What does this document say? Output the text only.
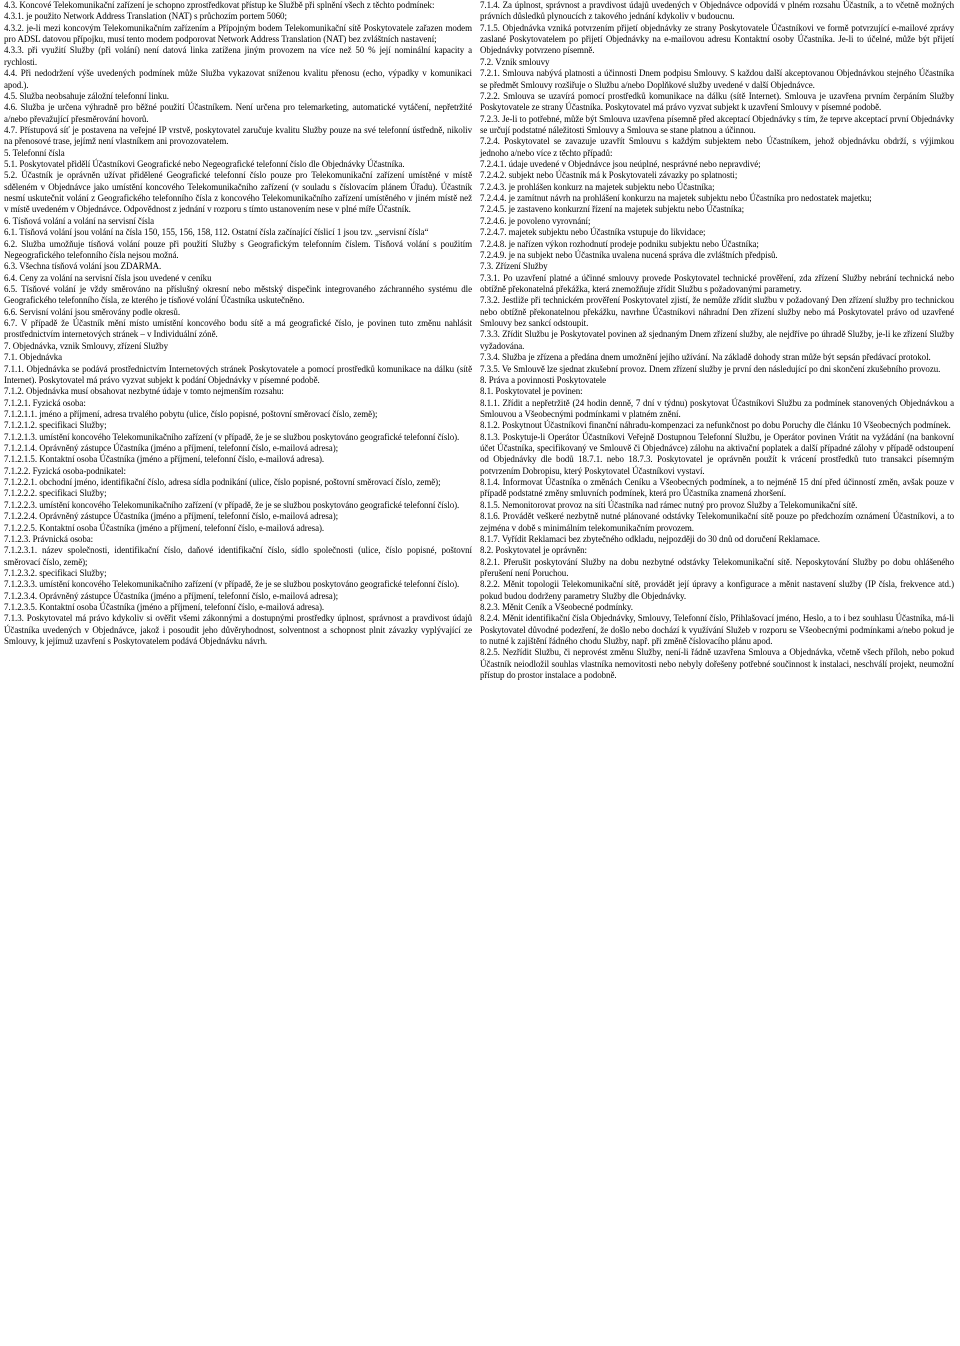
4.3. Koncové Telekomunikační zařízení je schopno zprostředkovat přístup ke Službě při splnění všech z těchto podmínek:

4.3.1. je použito Network Address Translation (NAT) s průchozím portem 5060;

4.3.2. je-li mezi koncovým Telekomunikačním zařízením a Přípojným bodem Telekomunikační sítě Poskytovatele zařazen modem pro ADSL datovou přípojku, musí tento modem podporovat Network Address Translation (NAT) bez zvláštních nastavení;

4.3.3. při využití Služby (při volání) není datová linka zatížena jiným provozem na více než 50 % její nominální kapacity a rychlosti.

4.4. Při nedodržení výše uvedených podmínek může Služba vykazovat sníženou kvalitu přenosu (echo, výpadky v komunikaci apod.).

4.5. Služba neobsahuje záložní telefonní linku.

4.6. Služba je určena výhradně pro běžné použití Účastníkem. Není určena pro telemarketing, automatické vytáčení, nepřetržité a/nebo převažující přesměrování hovorů.

4.7. Přístupová síť je postavena na veřejné IP vrstvě, poskytovatel zaručuje kvalitu Služby pouze na své telefonní ústředně, nikoliv na přenosové trase, jejímž není vlastníkem ani provozovatelem.

5. Telefonní čísla

5.1. Poskytovatel přidělí Účastníkovi Geografické nebo Negeografické telefonní číslo dle Objednávky Účastníka.

5.2. Účastník je oprávněn užívat přidělené Geografické telefonní číslo pouze pro Telekomunikační zařízení umístěné v místě sděleném v Objednávce jako umístění koncového Telekomunikačního zařízení (v souladu s číslovacím plánem Úřadu). Účastník nesmí uskutečnit volání z Geografického telefonního čísla z koncového Telekomunikačního zařízení umístěného v jiném místě než v místě uvedeném v Objednávce. Odpovědnost z jednání v rozporu s tímto ustanovením nese v plné míře Účastník.

6. Tísňová volání a volání na servisní čísla

6.1. Tísňová volání jsou volání na čísla 150, 155, 156, 158, 112. Ostatní čísla začínající číslicí 1 jsou tzv. „servisní čísla“

6.2. Služba umožňuje tísňová volání pouze při použití Služby s Geografickým telefonním číslem. Tísňová volání s použitím Negeografického telefonního čísla nejsou možná.

6.3. Všechna tísňová volání jsou ZDARMA.

6.4. Ceny za volání na servisní čísla jsou uvedené v ceníku

6.5. Tísňové volání je vždy směrováno na příslušný okresní nebo městský dispečink integrovaného záchranného systému dle Geografického telefonního čísla, ze kterého je tísňové volání Účastníka uskutečněno.

6.6. Servisní volání jsou směrovány podle okresů.

6.7. V případě že Účastník mění místo umístění koncového bodu sítě a má geografické číslo, je povinen tuto změnu nahlásit prostřednictvím internetových stránek – v Individuální zóně.

7. Objednávka, vznik Smlouvy, zřízení Služby

7.1. Objednávka

7.1.1. Objednávka se podává prostřednictvím Internetových stránek Poskytovatele a pomocí prostředků komunikace na dálku (sítě Internet). Poskytovatel má právo vyzvat subjekt k podání Objednávky v písemné podobě.

7.1.2. Objednávka musí obsahovat nezbytné údaje v tomto nejmenším rozsahu:

7.1.2.1. Fyzická osoba:

7.1.2.1.1. jméno a příjmení, adresa trvalého pobytu (ulice, číslo popisné, poštovní směrovací číslo, zemĕ);

7.1.2.1.2. specifikaci Služby;

7.1.2.1.3. umístění koncového Telekomunikačního zařízení (v případě, že je se službou poskytováno geografické telefonní číslo).

7.1.2.1.4. Oprávněný zástupce Účastníka (jméno a příjmení, telefonní číslo, e-mailová adresa);

7.1.2.1.5. Kontaktní osoba Účastníka (jméno a příjmení, telefonní číslo, e-mailová adresa).

7.1.2.2. Fyzická osoba-podnikatel:

7.1.2.2.1. obchodní jméno, identifikační číslo, adresa sídla podnikání (ulice, číslo popisné, poštovní směrovací číslo, zemĕ);

7.1.2.2.2. specifikaci Služby;

7.1.2.2.3. umístění koncového Telekomunikačního zařízení (v případě, že je se službou poskytováno geografické telefonní číslo).

7.1.2.2.4. Oprávněný zástupce Účastníka (jméno a příjmení, telefonní číslo, e-mailová adresa);

7.1.2.2.5. Kontaktní osoba Účastníka (jméno a příjmení, telefonní číslo, e-mailová adresa).

7.1.2.3. Právnická osoba:

7.1.2.3.1. název společnosti, identifikační číslo, daňové identifikační číslo, sídlo společnosti (ulice, číslo popisné, poštovní směrovací číslo, zemĕ);

7.1.2.3.2. specifikaci Služby;

7.1.2.3.3. umístění koncového Telekomunikačního zařízení (v případě, že je se službou poskytováno geografické telefonní číslo).

7.1.2.3.4. Oprávněný zástupce Účastníka (jméno a příjmení, telefonní číslo, e-mailová adresa);

7.1.2.3.5. Kontaktní osoba Účastníka (jméno a příjmení, telefonní číslo, e-mailová adresa).

7.1.3. Poskytovatel má právo kdykoliv si ověřit všemi zákonnými a dostupnými prostředky úplnost, správnost a pravdivost údajů Účastníka uvedených v Objednávce, jakož i posoudit jeho důvěryhodnost, solventnost a schopnost plnit závazky vyplývající ze Smlouvy, k jejímuž uzavření s Poskytovatelem podává Objednávku návrh.

7.1.4. Za úplnost, správnost a pravdivost údajů uvedených v Objednávce odpovídá v plném rozsahu Účastník, a to včetně možných právních důsledků plynoucích z takového jednání kdykoliv v budoucnu.

7.1.5. Objednávka vzniká potvrzením přijetí objednávky ze strany Poskytovatele Účastníkovi ve formě potvrzující e-mailové zprávy zaslané Poskytovatelem po přijetí Objednávky na e-mailovou adresu Kontaktní osoby Účastníka. Je-li to účelné, může být přijetí Objednávky potvrzeno písemně.

7.2. Vznik smlouvy

7.2.1. Smlouva nabývá platnosti a účinnosti Dnem podpisu Smlouvy. S každou další akceptovanou Objednávkou stejného Účastníka se předmět Smlouvy rozšiřuje o Službu a/nebo Doplňkové služby uvedené v další Objednávce.

7.2.2. Smlouva se uzavírá pomocí prostředků komunikace na dálku (sítě Internet). Smlouva je uzavřena prvním čerpáním Služby Poskytovatele ze strany Účastníka. Poskytovatel má právo vyzvat subjekt k uzavření Smlouvy v písemné podobě.

7.2.3. Je-li to potřebné, může být Smlouva uzavřena písemně před akceptací Objednávky s tím, že teprve akceptací první Objednávky se určují podstatné náležitosti Smlouvy a Smlouva se stane platnou a účinnou.

7.2.4. Poskytovatel se zavazuje uzavřít Smlouvu s každým subjektem nebo Účastníkem, jehož objednávku obdrží, s výjimkou jednoho a/nebo více z těchto případů:

7.2.4.1. údaje uvedené v Objednávce jsou neúplné, nesprávné nebo nepravdivé;

7.2.4.2. subjekt nebo Účastník má k Poskytovateli závazky po splatnosti;

7.2.4.3. je prohlášen konkurz na majetek subjektu nebo Účastníka;

7.2.4.4. je zamítnut návrh na prohlášení konkurzu na majetek subjektu nebo Účastníka pro nedostatek majetku;

7.2.4.5. je zastaveno konkurzní řízení na majetek subjektu nebo Účastníka;

7.2.4.6. je povoleno vyrovnání;

7.2.4.7. majetek subjektu nebo Účastníka vstupuje do likvidace;

7.2.4.8. je nařízen výkon rozhodnutí prodeje podniku subjektu nebo Účastníka;

7.2.4.9. je na subjekt nebo Účastníka uvalena nucená správa dle zvláštních předpisů.

7.3. Zřízení Služby

7.3.1. Po uzavření platné a účinné smlouvy provede Poskytovatel technické prověření, zda zřízení Služby nebrání technická nebo obtížně překonatelná překážka, která znemožňuje zřídit Službu s požadovanými parametry.

7.3.2. Jestliže při technickém prověření Poskytovatel zjistí, že nemůže zřídit službu v požadovaný Den zřízení služby pro technickou nebo obtížně překonatelnou překážku, navrhne Účastníkovi náhradní Den zřízení služby nebo má Poskytovatel právo od uzavřené Smlouvy bez sankcí odstoupit.

7.3.3. Zřídit Službu je Poskytovatel povinen až sjednaným Dnem zřízení služby, ale nejdříve po úhradě Služby, je-li ke zřízení Služby vyžadována.

7.3.4. Služba je zřízena a předána dnem umožnění jejího užívání. Na základě dohody stran může být sepsán předávací protokol.

7.3.5. Ve Smlouvě lze sjednat zkušební provoz. Dnem zřízení služby je první den následující po dni skončení zkušebního provozu.

8. Práva a povinnosti Poskytovatele

8.1. Poskytovatel je povinen:

8.1.1. Zřídit a nepřetržitě (24 hodin denně, 7 dní v týdnu) poskytovat Účastníkovi Službu za podmínek stanovených Objednávkou a Smlouvou a Všeobecnými podmínkami v platném znění.

8.1.2. Poskytnout Účastníkovi finanční náhradu-kompenzaci za nefunkčnost po dobu Poruchy dle článku 10 Všeobecných podmínek.

8.1.3. Poskytuje-li Operátor Účastníkovi Veřejně Dostupnou Telefonní Službu, je Operátor povinen Vrátit na vyžádání (na bankovní účet Účastníka, specifikovaný ve Smlouvě či Objednávce) zálohu na aktivační poplatek a další případné zálohy v případě odstoupení od Objednávky dle bodů 18.7.1. nebo 18.7.3. Poskytovatel je oprávněn použít k vrácení prostředků tuto transakci písemným potvrzením Dobropisu, který Poskytovatel Účastníkovi vystaví.

8.1.4. Informovat Účastníka o změnách Ceníku a Všeobecných podmínek, a to nejméně 15 dní před účinností změn, avšak pouze v případě podstatné změny smluvních podmínek, která pro Účastníka znamená zhoršení.

8.1.5. Nemonitorovat provoz na síti Účastníka nad rámec nutný pro provoz Služby a Telekomunikační sítě.

8.1.6. Provádět veškeré nezbytně nutné plánované odstávky Telekomunikační sítě pouze po předchozím oznámení Účastníkovi, a to zejména v době s minimálním telekomunikačním provozem.

8.1.7. Vyřídit Reklamaci bez zbytečného odkladu, nejpozději do 30 dnů od doručení Reklamace.

8.2. Poskytovatel je oprávněn:

8.2.1. Přerušit poskytování Služby na dobu nezbytné odstávky Telekomunikační sítě. Neposkytování Služby po dobu ohlášeného přerušení není Poruchou.

8.2.2. Měnit topologii Telekomunikační sítě, provádět její úpravy a konfigurace a měnit nastavení služby (IP čísla, frekvence atd.) pokud budou dodrženy parametry Služby dle Objednávky.

8.2.3. Měnit Ceník a Všeobecné podmínky.

8.2.4. Měnit identifikační čísla Objednávky, Smlouvy, Telefonní číslo, Přihlašovací jméno, Heslo, a to i bez souhlasu Účastníka, má-li Poskytovatel důvodné podezření, že došlo nebo dochází k využívání Služeb v rozporu se Všeobecnými podmínkami a/nebo pokud je to nutné k zajištění řádného chodu Služby, např. při změně číslovacího plánu apod.

8.2.5. Nezřídit Službu, či neprovést změnu Služby, není-li řádně uzavřena Smlouva a Objednávka, včetně všech příloh, nebo pokud Účastník neiodložil souhlas vlastníka nemovitosti nebo nebyly dořešeny potřebné součinnost k instalaci, neschválí projekt, neumožní přístup do prostor instalace a podobně.
